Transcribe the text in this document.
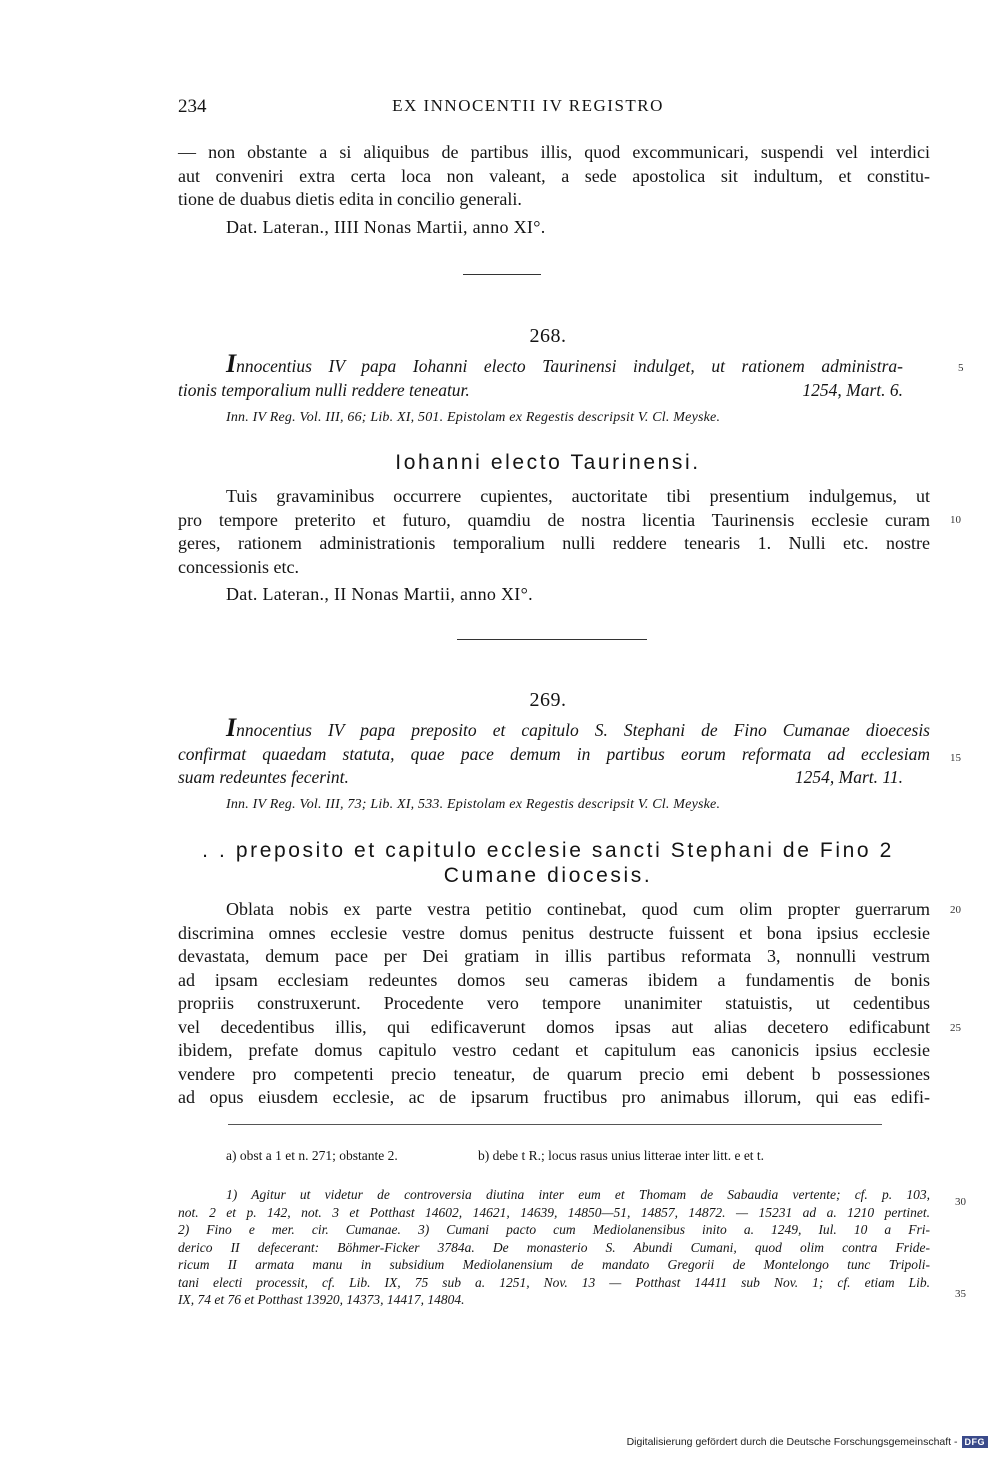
234	EX INNOCENTII IV REGISTRO
— non obstante a si aliquibus de partibus illis, quod excommunicari, suspendi vel interdici
aut conveniri extra certa loca non valeant, a sede apostolica sit indultum, et constitu-
tione de duabus dietis edita in concilio generali.
Dat. Lateran., IIII Nonas Martii, anno XI°.
268.
Innocentius IV papa Iohanni electo Taurinensi indulget, ut rationem administra-
tionis temporalium nulli reddere teneatur.	1254, Mart. 6.
5
Inn. IV Reg. Vol. III, 66; Lib. XI, 501. Epistolam ex Regestis descripsit V. Cl. Meyske.
Iohanni electo Taurinensi.
Tuis gravaminibus occurrere cupientes, auctoritate tibi presentium indulgemus, ut
pro tempore preterito et futuro, quamdiu de nostra licentia Taurinensis ecclesie curam
geres, rationem administrationis temporalium nulli reddere tenearis 1. Nulli etc. nostre
concessionis etc.
10
Dat. Lateran., II Nonas Martii, anno XI°.
269.
Innocentius IV papa preposito et capitulo S. Stephani de Fino Cumanae dioecesis
confirmat quaedam statuta, quae pace demum in partibus eorum reformata ad ecclesiam
suam redeuntes fecerint.	1254, Mart. 11.
15
Inn. IV Reg. Vol. III, 73; Lib. XI, 533. Epistolam ex Regestis descripsit V. Cl. Meyske.
. . preposito et capitulo ecclesie sancti Stephani de Fino 2
Cumane diocesis.
Oblata nobis ex parte vestra petitio continebat, quod cum olim propter guerrarum
discrimina omnes ecclesie vestre domus penitus destructe fuissent et bona ipsius ecclesie
devastata, demum pace per Dei gratiam in illis partibus reformata 3, nonnulli vestrum
ad ipsam ecclesiam redeuntes domos seu cameras ibidem a fundamentis de bonis
propriis construxerunt. Procedente vero tempore unanimiter statuistis, ut cedentibus
vel decedentibus illis, qui edificaverunt domos ipsas aut alias decetero edificabunt
ibidem, prefate domus capitulo vestro cedant et capitulum eas canonicis ipsius ecclesie
vendere pro competenti precio teneatur, de quarum precio emi debent b possessiones
ad opus eiusdem ecclesie, ac de ipsarum fructibus pro animabus illorum, qui eas edifi-
20
25
a) obst a 1 et n. 271; obstante 2.	b) debe t R.; locus rasus unius litterae inter litt. e et t.
1) Agitur ut videtur de controversia diutina inter eum et Thomam de Sabaudia vertente; cf. p. 103,
not. 2 et p. 142, not. 3 et Potthast 14602, 14621, 14639, 14850—51, 14857, 14872. — 15231 ad a. 1210 pertinet.
2) Fino e mer. cir. Cumanae. 3) Cumani pacto cum Mediolanensibus inito a. 1249, Iul. 10 a Fri-
derico II defecerant: Böhmer-Ficker 3784a. De monasterio S. Abundi Cumani, quod olim contra Fride-
ricum II armata manu in subsidium Mediolanensium de mandato Gregorii de Montelongo tunc Tripoli-
tani electi processit, cf. Lib. IX, 75 sub a. 1251, Nov. 13 — Potthast 14411 sub Nov. 1; cf. etiam Lib.
IX, 74 et 76 et Potthast 13920, 14373, 14417, 14804.
30
35
Digitalisierung gefördert durch die Deutsche Forschungsgemeinschaft - DFG
